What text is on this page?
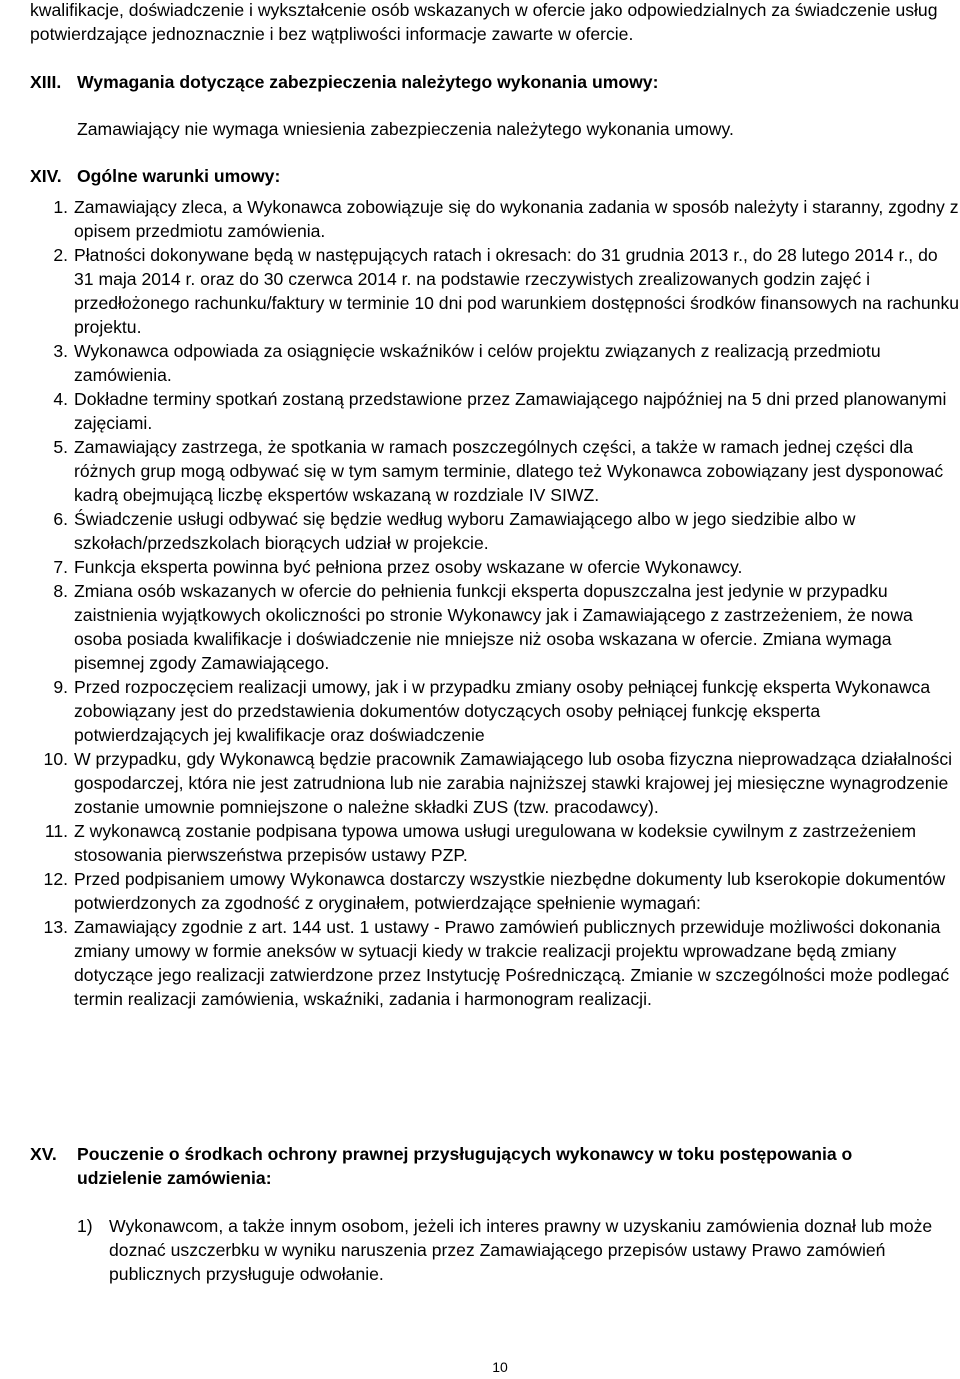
kwalifikacje, doświadczenie i wykształcenie osób wskazanych w ofercie jako odpowiedzialnych za świadczenie usług potwierdzające jednoznacznie i bez wątpliwości informacje zawarte w ofercie.
XIII. Wymagania dotyczące zabezpieczenia należytego wykonania umowy:
Zamawiający nie wymaga wniesienia zabezpieczenia należytego wykonania umowy.
XIV. Ogólne warunki umowy:
1. Zamawiający zleca, a Wykonawca zobowiązuje się do wykonania zadania w sposób należyty i staranny, zgodny z opisem przedmiotu zamówienia.
2. Płatności dokonywane będą w następujących ratach i okresach: do 31 grudnia 2013 r., do 28 lutego 2014 r., do 31 maja 2014 r. oraz do 30 czerwca 2014 r. na podstawie rzeczywistych zrealizowanych godzin zajęć i przedłożonego rachunku/faktury w terminie 10 dni pod warunkiem dostępności środków finansowych na rachunku projektu.
3. Wykonawca odpowiada za osiągnięcie wskaźników i celów projektu związanych z realizacją przedmiotu zamówienia.
4. Dokładne terminy spotkań zostaną przedstawione przez Zamawiającego najpóźniej na 5 dni przed planowanymi zajęciami.
5. Zamawiający zastrzega, że spotkania w ramach poszczególnych części, a także w ramach jednej części dla różnych grup mogą odbywać się w tym samym terminie, dlatego też Wykonawca zobowiązany jest dysponować kadrą obejmującą liczbę ekspertów wskazaną w rozdziale IV SIWZ.
6. Świadczenie usługi odbywać się będzie według wyboru Zamawiającego albo w jego siedzibie albo w szkołach/przedszkolach biorących udział w projekcie.
7. Funkcja eksperta powinna być pełniona przez osoby wskazane w ofercie Wykonawcy.
8. Zmiana osób wskazanych w ofercie do pełnienia funkcji eksperta dopuszczalna jest jedynie w przypadku zaistnienia wyjątkowych okoliczności po stronie Wykonawcy jak i Zamawiającego z zastrzeżeniem, że nowa osoba posiada kwalifikacje i doświadczenie nie mniejsze niż osoba wskazana w ofercie. Zmiana wymaga pisemnej zgody Zamawiającego.
9. Przed rozpoczęciem realizacji umowy, jak i w przypadku zmiany osoby pełniącej funkcję eksperta Wykonawca zobowiązany jest do przedstawienia dokumentów dotyczących osoby pełniącej funkcję eksperta potwierdzających jej kwalifikacje oraz doświadczenie
10. W przypadku, gdy Wykonawcą będzie pracownik Zamawiającego lub osoba fizyczna nieprowadząca działalności gospodarczej, która nie jest zatrudniona lub nie zarabia najniższej stawki krajowej jej miesięczne wynagrodzenie zostanie umownie pomniejszone o należne składki ZUS (tzw. pracodawcy).
11. Z wykonawcą zostanie podpisana typowa umowa usługi uregulowana w kodeksie cywilnym z zastrzeżeniem stosowania pierwszeństwa przepisów ustawy PZP.
12. Przed podpisaniem umowy Wykonawca dostarczy wszystkie niezbędne dokumenty lub kserokopie dokumentów potwierdzonych za zgodność z oryginałem, potwierdzające spełnienie wymagań:
13. Zamawiający zgodnie z art. 144 ust. 1 ustawy - Prawo zamówień publicznych przewiduje możliwości dokonania zmiany umowy w formie aneksów w sytuacji kiedy w trakcie realizacji projektu wprowadzane będą zmiany dotyczące jego realizacji zatwierdzone przez Instytucję Pośredniczącą. Zmianie w szczególności może podlegać termin realizacji zamówienia, wskaźniki, zadania i harmonogram realizacji.
XV. Pouczenie o środkach ochrony prawnej przysługujących wykonawcy w toku postępowania o udzielenie zamówienia:
1) Wykonawcom, a także innym osobom, jeżeli ich interes prawny w uzyskaniu zamówienia doznał lub może doznać uszczerbku w wyniku naruszenia przez Zamawiającego przepisów ustawy Prawo zamówień publicznych przysługuje odwołanie.
10
